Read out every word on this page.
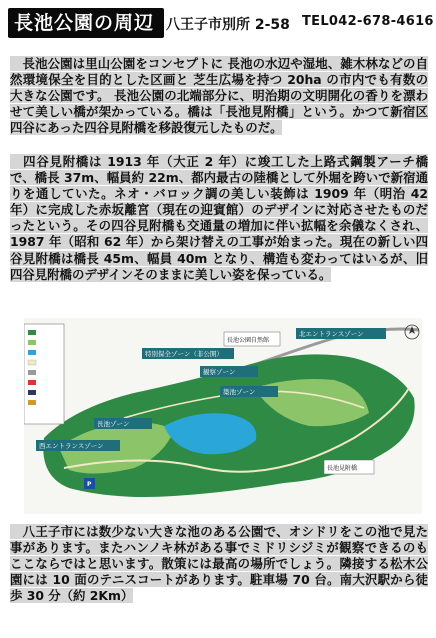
長池公園の周辺 八王子市別所 2-58 TEL042-678-4616
　長池公園は里山公園をコンセプトに 長池の水辺や湿地、雑木林などの自然環境保全を目的とした区画と 芝生広場を持つ 20ha の市内でも有数の大きな公園です。 長池公園の北端部分に、明治期の文明開化の香りを漂わせて美しい橋が架かっている。橋は「長池見附橋」という。かつて新宿区四谷にあった四谷見附橋を移設復元したものだ。
　四谷見附橋は 1913 年（大正 2 年）に竣工した上路式鋼製アーチ橋で、橋長 37m、幅員約 22m、都内最古の陸橋として外堀を跨いで新宿通りを通していた。ネオ・バロック調の美しい装飾は 1909 年（明治 42 年）に完成した赤坂離宮（現在の迎賓館）のデザインに対応させたものだったという。その四谷見附橋も交通量の増加に伴い拡幅を余儀なくされ、1987 年（昭和 62 年）から架け替えの工事が始まった。現在の新しい四谷見附橋は橋長 45m、幅員 40m となり、構造も変わってはいるが、旧四谷見附橋のデザインそのままに美しい姿を保っている。
北エントランスゾーン
観察ゾーン
築池ゾーン
西エントランスゾーン
長池ゾーン
特別保全ゾーン（非公開）
長池見附橋
長池公園自然館
P
　八王子市には数少ない大きな池のある公園で、オシドリをこの池で見た事があります。またハンノキ林がある事でミドリシジミが観察できるのもここならではと思います。散策には最高の場所でしょう。隣接する松木公園には 10 面のテニスコートがあります。駐車場 70 台。南大沢駅から徒歩 30 分（約 2Km）
